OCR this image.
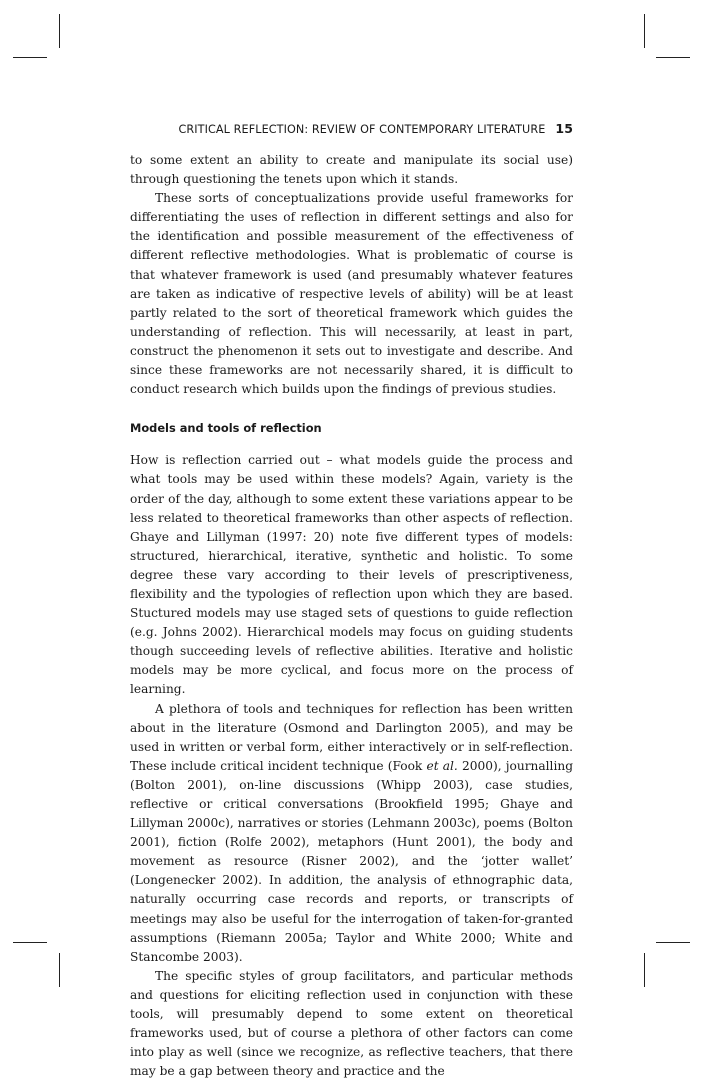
CRITICAL REFLECTION: REVIEW OF CONTEMPORARY LITERATURE 15

to some extent an ability to create and manipulate its social use) through questioning the tenets upon which it stands.

These sorts of conceptualizations provide useful frameworks for differentiating the uses of reflection in different settings and also for the identification and possible measurement of the effectiveness of different reflective methodologies. What is problematic of course is that whatever framework is used (and presumably whatever features are taken as indicative of respective levels of ability) will be at least partly related to the sort of theoretical framework which guides the understanding of reflection. This will necessarily, at least in part, construct the phenomenon it sets out to investigate and describe. And since these frameworks are not necessarily shared, it is difficult to conduct research which builds upon the findings of previous studies.

Models and tools of reflection

How is reflection carried out – what models guide the process and what tools may be used within these models? Again, variety is the order of the day, although to some extent these variations appear to be less related to theoretical frameworks than other aspects of reflection. Ghaye and Lillyman (1997: 20) note five different types of models: structured, hierarchical, iterative, synthetic and holistic. To some degree these vary according to their levels of prescriptiveness, flexibility and the typologies of reflection upon which they are based. Stuctured models may use staged sets of questions to guide reflection (e.g. Johns 2002). Hierarchical models may focus on guiding students though succeeding levels of reflective abilities. Iterative and holistic models may be more cyclical, and focus more on the process of learning.

A plethora of tools and techniques for reflection has been written about in the literature (Osmond and Darlington 2005), and may be used in written or verbal form, either interactively or in self-reflection. These include critical incident technique (Fook et al. 2000), journalling (Bolton 2001), on-line discussions (Whipp 2003), case studies, reflective or critical conversations (Brookfield 1995; Ghaye and Lillyman 2000c), narratives or stories (Lehmann 2003c), poems (Bolton 2001), fiction (Rolfe 2002), metaphors (Hunt 2001), the body and movement as resource (Risner 2002), and the ‘jotter wallet’ (Longenecker 2002). In addition, the analysis of ethnographic data, naturally occurring case records and reports, or transcripts of meetings may also be useful for the interrogation of taken-for-granted assumptions (Riemann 2005a; Taylor and White 2000; White and Stancombe 2003).

The specific styles of group facilitators, and particular methods and questions for eliciting reflection used in conjunction with these tools, will presumably depend to some extent on theoretical frameworks used, but of course a plethora of other factors can come into play as well (since we recognize, as reflective teachers, that there may be a gap between theory and practice and the
